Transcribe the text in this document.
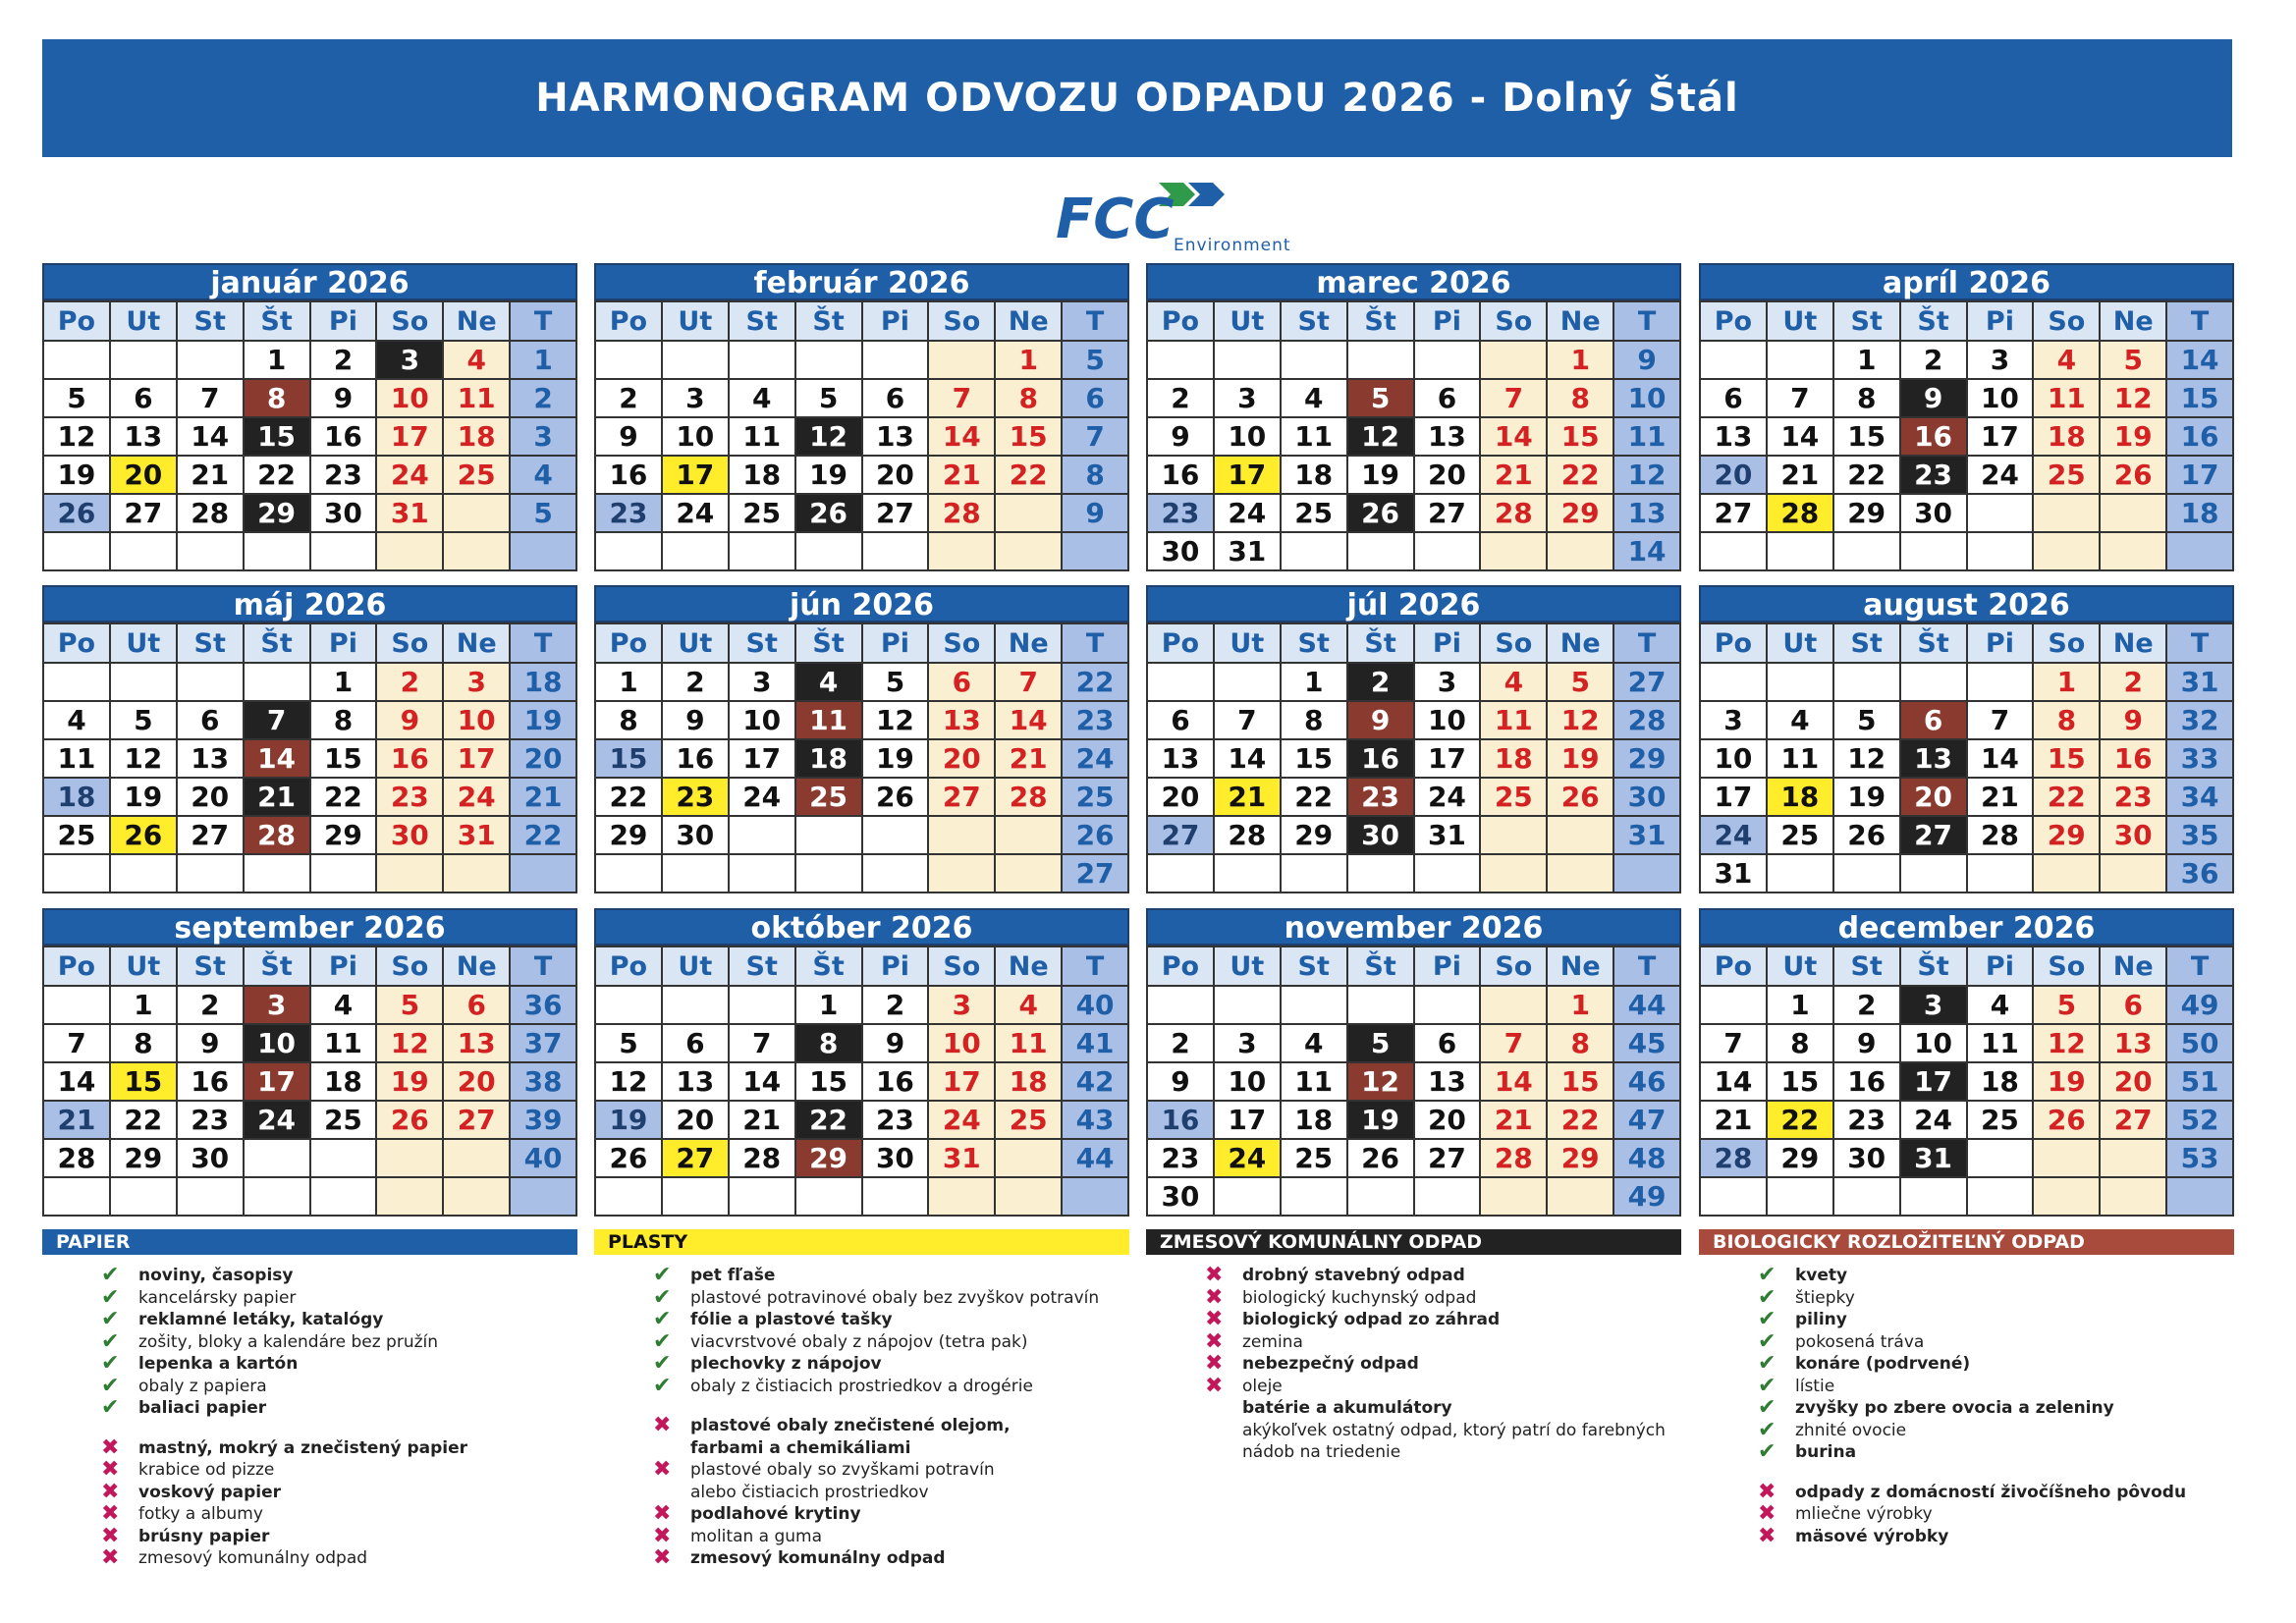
HARMONOGRAM ODVOZU ODPADU 2026 - Dolný Štál
FCC Environment
január 2026
Po	Ut	St	Št	Pi	So	Ne	T
			1	2	3	4	1
5	6	7	8	9	10	11	2
12	13	14	15	16	17	18	3
19	20	21	22	23	24	25	4
26	27	28	29	30	31		5

február 2026
Po	Ut	St	Št	Pi	So	Ne	T
						1	5
2	3	4	5	6	7	8	6
9	10	11	12	13	14	15	7
16	17	18	19	20	21	22	8
23	24	25	26	27	28		9

marec 2026
Po	Ut	St	Št	Pi	So	Ne	T
						1	9
2	3	4	5	6	7	8	10
9	10	11	12	13	14	15	11
16	17	18	19	20	21	22	12
23	24	25	26	27	28	29	13
30	31						14
apríl 2026
Po	Ut	St	Št	Pi	So	Ne	T
		1	2	3	4	5	14
6	7	8	9	10	11	12	15
13	14	15	16	17	18	19	16
20	21	22	23	24	25	26	17
27	28	29	30				18

máj 2026
Po	Ut	St	Št	Pi	So	Ne	T
				1	2	3	18
4	5	6	7	8	9	10	19
11	12	13	14	15	16	17	20
18	19	20	21	22	23	24	21
25	26	27	28	29	30	31	22

jún 2026
Po	Ut	St	Št	Pi	So	Ne	T
1	2	3	4	5	6	7	22
8	9	10	11	12	13	14	23
15	16	17	18	19	20	21	24
22	23	24	25	26	27	28	25
29	30						26
							27
júl 2026
Po	Ut	St	Št	Pi	So	Ne	T
		1	2	3	4	5	27
6	7	8	9	10	11	12	28
13	14	15	16	17	18	19	29
20	21	22	23	24	25	26	30
27	28	29	30	31			31

august 2026
Po	Ut	St	Št	Pi	So	Ne	T
					1	2	31
3	4	5	6	7	8	9	32
10	11	12	13	14	15	16	33
17	18	19	20	21	22	23	34
24	25	26	27	28	29	30	35
31							36
september 2026
Po	Ut	St	Št	Pi	So	Ne	T
	1	2	3	4	5	6	36
7	8	9	10	11	12	13	37
14	15	16	17	18	19	20	38
21	22	23	24	25	26	27	39
28	29	30					40

október 2026
Po	Ut	St	Št	Pi	So	Ne	T
			1	2	3	4	40
5	6	7	8	9	10	11	41
12	13	14	15	16	17	18	42
19	20	21	22	23	24	25	43
26	27	28	29	30	31		44

november 2026
Po	Ut	St	Št	Pi	So	Ne	T
						1	44
2	3	4	5	6	7	8	45
9	10	11	12	13	14	15	46
16	17	18	19	20	21	22	47
23	24	25	26	27	28	29	48
30							49
december 2026
Po	Ut	St	Št	Pi	So	Ne	T
	1	2	3	4	5	6	49
7	8	9	10	11	12	13	50
14	15	16	17	18	19	20	51
21	22	23	24	25	26	27	52
28	29	30	31				53

PAPIER
✔ noviny, časopisy
✔ kancelársky papier
✔ reklamné letáky, katalógy
✔ zošity, bloky a kalendáre bez pružín
✔ lepenka a kartón
✔ obaly z papiera
✔ baliaci papier
✖ mastný, mokrý a znečistený papier
✖ krabice od pizze
✖ voskový papier
✖ fotky a albumy
✖ brúsny papier
✖ zmesový komunálny odpad
PLASTY
✔ pet fľaše
✔ plastové potravinové obaly bez zvyškov potravín
✔ fólie a plastové tašky
✔ viacvrstvové obaly z nápojov (tetra pak)
✔ plechovky z nápojov
✔ obaly z čistiacich prostriedkov a drogérie
✖ plastové obaly znečistené olejom,
farbami a chemikáliami
✖ plastové obaly so zvyškami potravín
alebo čistiacich prostriedkov
✖ podlahové krytiny
✖ molitan a guma
✖ zmesový komunálny odpad
ZMESOVÝ KOMUNÁLNY ODPAD
✖ drobný stavebný odpad
✖ biologický kuchynský odpad
✖ biologický odpad zo záhrad
✖ zemina
✖ nebezpečný odpad
✖ oleje
batérie a akumulátory
akýkoľvek ostatný odpad, ktorý patrí do farebných
nádob na triedenie
BIOLOGICKY ROZLOŽITEĽNÝ ODPAD
✔ kvety
✔ štiepky
✔ piliny
✔ pokosená tráva
✔ konáre (podrvené)
✔ lístie
✔ zvyšky po zbere ovocia a zeleniny
✔ zhnité ovocie
✔ burina
✖ odpady z domácností živočíšneho pôvodu
✖ mliečne výrobky
✖ mäsové výrobky
